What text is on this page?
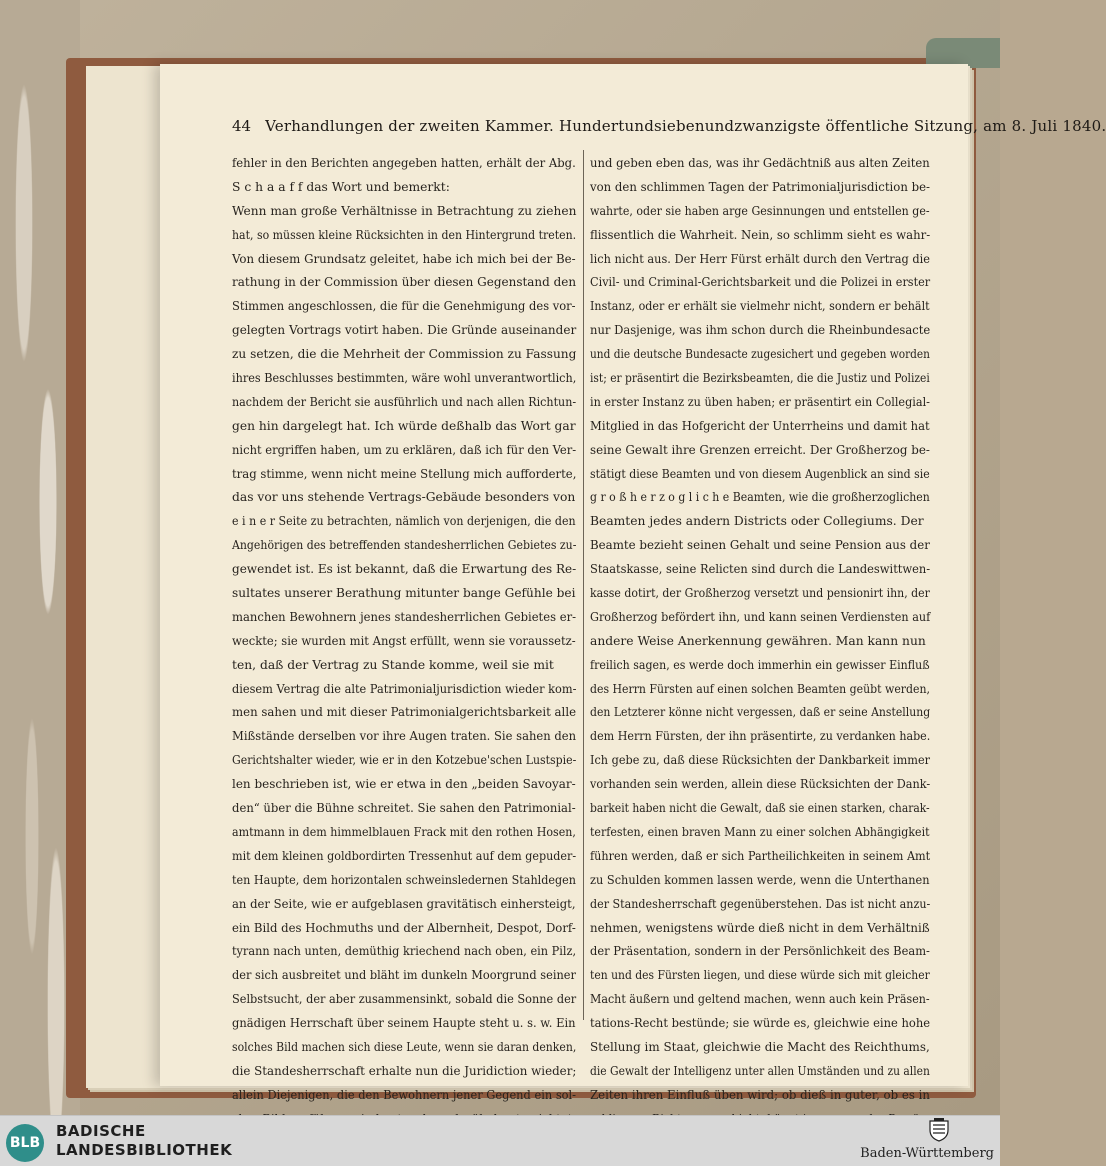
44 Verhandlungen der zweiten Kammer. Hundertundsiebenundzwanzigste öffentliche Sitzung, am 8. Juli 1840.
fehler in den Berichten angegeben hatten, erhält der Abg.
S c h a a f f das Wort und bemerkt:
Wenn man große Verhältnisse in Betrachtung zu ziehen
hat, so müssen kleine Rücksichten in den Hintergrund treten.
Von diesem Grundsatz geleitet, habe ich mich bei der Be-
rathung in der Commission über diesen Gegenstand den
Stimmen angeschlossen, die für die Genehmigung des vor-
gelegten Vortrags votirt haben. Die Gründe auseinander
zu setzen, die die Mehrheit der Commission zu Fassung
ihres Beschlusses bestimmten, wäre wohl unverantwortlich,
nachdem der Bericht sie ausführlich und nach allen Richtun-
gen hin dargelegt hat. Ich würde deßhalb das Wort gar
nicht ergriffen haben, um zu erklären, daß ich für den Ver-
trag stimme, wenn nicht meine Stellung mich aufforderte,
das vor uns stehende Vertrags-Gebäude besonders von
e i n e r Seite zu betrachten, nämlich von derjenigen, die den
Angehörigen des betreffenden standesherrlichen Gebietes zu-
gewendet ist. Es ist bekannt, daß die Erwartung des Re-
sultates unserer Berathung mitunter bange Gefühle bei
manchen Bewohnern jenes standesherrlichen Gebietes er-
weckte; sie wurden mit Angst erfüllt, wenn sie voraussetz-
ten, daß der Vertrag zu Stande komme, weil sie mit
diesem Vertrag die alte Patrimonialjurisdiction wieder kom-
men sahen und mit dieser Patrimonialgerichtsbarkeit alle
Mißstände derselben vor ihre Augen traten. Sie sahen den
Gerichtshalter wieder, wie er in den Kotzebue'schen Lustspie-
len beschrieben ist, wie er etwa in den „beiden Savoyar-
den“ über die Bühne schreitet. Sie sahen den Patrimonial-
amtmann in dem himmelblauen Frack mit den rothen Hosen,
mit dem kleinen goldbordirten Tressenhut auf dem gepuder-
ten Haupte, dem horizontalen schweinsledernen Stahldegen
an der Seite, wie er aufgeblasen gravitätisch einhersteigt,
ein Bild des Hochmuths und der Albernheit, Despot, Dorf-
tyrann nach unten, demüthig kriechend nach oben, ein Pilz,
der sich ausbreitet und bläht im dunkeln Moorgrund seiner
Selbstsucht, der aber zusammensinkt, sobald die Sonne der
gnädigen Herrschaft über seinem Haupte steht u. s. w. Ein
solches Bild machen sich diese Leute, wenn sie daran denken,
die Standesherrschaft erhalte nun die Juridiction wieder;
allein Diejenigen, die den Bewohnern jener Gegend ein sol-
und geben eben das, was ihr Gedächtniß aus alten Zeiten
von den schlimmen Tagen der Patrimonialjurisdiction be-
wahrte, oder sie haben arge Gesinnungen und entstellen ge-
flissentlich die Wahrheit. Nein, so schlimm sieht es wahr-
lich nicht aus. Der Herr Fürst erhält durch den Vertrag die
Civil- und Criminal-Gerichtsbarkeit und die Polizei in erster
Instanz, oder er erhält sie vielmehr nicht, sondern er behält
nur Dasjenige, was ihm schon durch die Rheinbundesacte
und die deutsche Bundesacte zugesichert und gegeben worden
ist; er präsentirt die Bezirksbeamten, die die Justiz und Polizei
in erster Instanz zu üben haben; er präsentirt ein Collegial-
Mitglied in das Hofgericht der Unterrheins und damit hat
seine Gewalt ihre Grenzen erreicht. Der Großherzog be-
stätigt diese Beamten und von diesem Augenblick an sind sie
g r o ß h e r z o g l i c h e Beamten, wie die großherzoglichen
Beamten jedes andern Districts oder Collegiums. Der
Beamte bezieht seinen Gehalt und seine Pension aus der
Staatskasse, seine Relicten sind durch die Landeswittwen-
kasse dotirt, der Großherzog versetzt und pensionirt ihn, der
Großherzog befördert ihn, und kann seinen Verdiensten auf
andere Weise Anerkennung gewähren. Man kann nun
freilich sagen, es werde doch immerhin ein gewisser Einfluß
des Herrn Fürsten auf einen solchen Beamten geübt werden,
den Letzterer könne nicht vergessen, daß er seine Anstellung
dem Herrn Fürsten, der ihn präsentirte, zu verdanken habe.
Ich gebe zu, daß diese Rücksichten der Dankbarkeit immer
vorhanden sein werden, allein diese Rücksichten der Dank-
barkeit haben nicht die Gewalt, daß sie einen starken, charak-
terfesten, einen braven Mann zu einer solchen Abhängigkeit
führen werden, daß er sich Partheilichkeiten in seinem Amt
zu Schulden kommen lassen werde, wenn die Unterthanen
der Standesherrschaft gegenüberstehen. Das ist nicht anzu-
nehmen, wenigstens würde dieß nicht in dem Verhältniß
der Präsentation, sondern in der Persönlichkeit des Beam-
ten und des Fürsten liegen, und diese würde sich mit gleicher
Macht äußern und geltend machen, wenn auch kein Präsen-
tations-Recht bestünde; sie würde es, gleichwie eine hohe
Stellung im Staat, gleichwie die Macht des Reichthums,
die Gewalt der Intelligenz unter allen Umständen und zu allen
Zeiten ihren Einfluß üben wird; ob dieß in guter, ob es in
BLB
BADISCHE
LANDESBIBLIOTHEK	Baden-Württemberg
